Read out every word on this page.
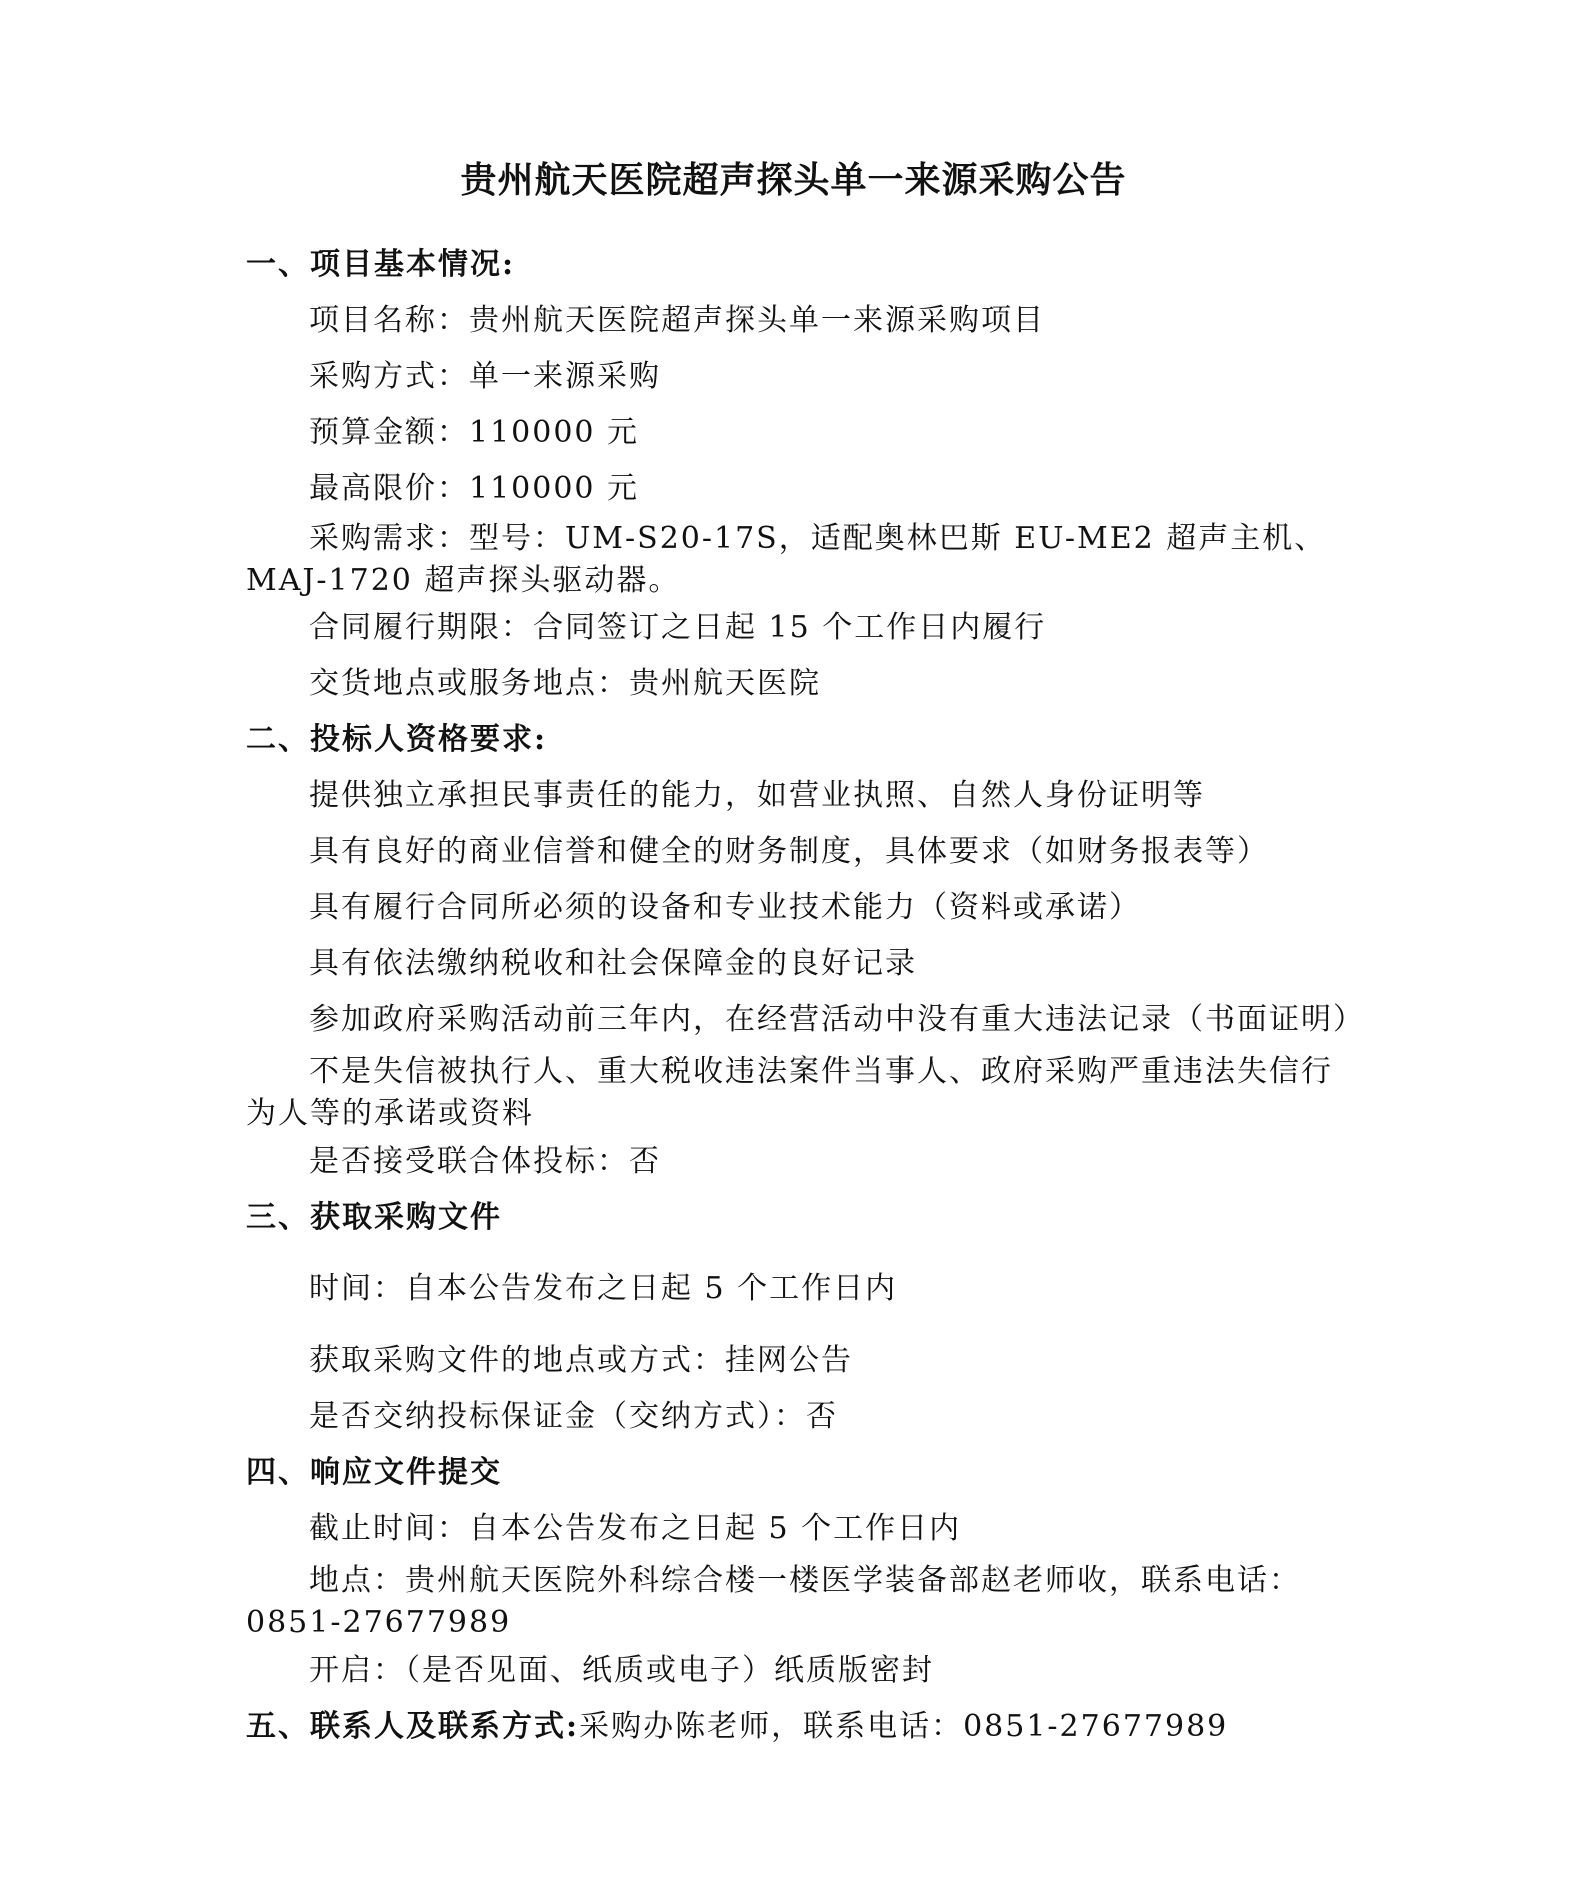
贵州航天医院超声探头单一来源采购公告
一、项目基本情况:
项目名称：贵州航天医院超声探头单一来源采购项目
采购方式：单一来源采购
预算金额：110000 元
最高限价：110000 元
采购需求：型号：UM-S20-17S，适配奥林巴斯 EU-ME2 超声主机、MAJ-1720 超声探头驱动器。
合同履行期限：合同签订之日起 15 个工作日内履行
交货地点或服务地点：贵州航天医院
二、投标人资格要求:
提供独立承担民事责任的能力，如营业执照、自然人身份证明等
具有良好的商业信誉和健全的财务制度，具体要求（如财务报表等）
具有履行合同所必须的设备和专业技术能力（资料或承诺）
具有依法缴纳税收和社会保障金的良好记录
参加政府采购活动前三年内，在经营活动中没有重大违法记录（书面证明）
不是失信被执行人、重大税收违法案件当事人、政府采购严重违法失信行为人等的承诺或资料
是否接受联合体投标：否
三、获取采购文件
时间：自本公告发布之日起 5 个工作日内
获取采购文件的地点或方式：挂网公告
是否交纳投标保证金（交纳方式）：否
四、响应文件提交
截止时间：自本公告发布之日起 5 个工作日内
地点：贵州航天医院外科综合楼一楼医学装备部赵老师收，联系电话：0851-27677989
开启：（是否见面、纸质或电子）纸质版密封
五、联系人及联系方式:采购办陈老师，联系电话：0851-27677989
